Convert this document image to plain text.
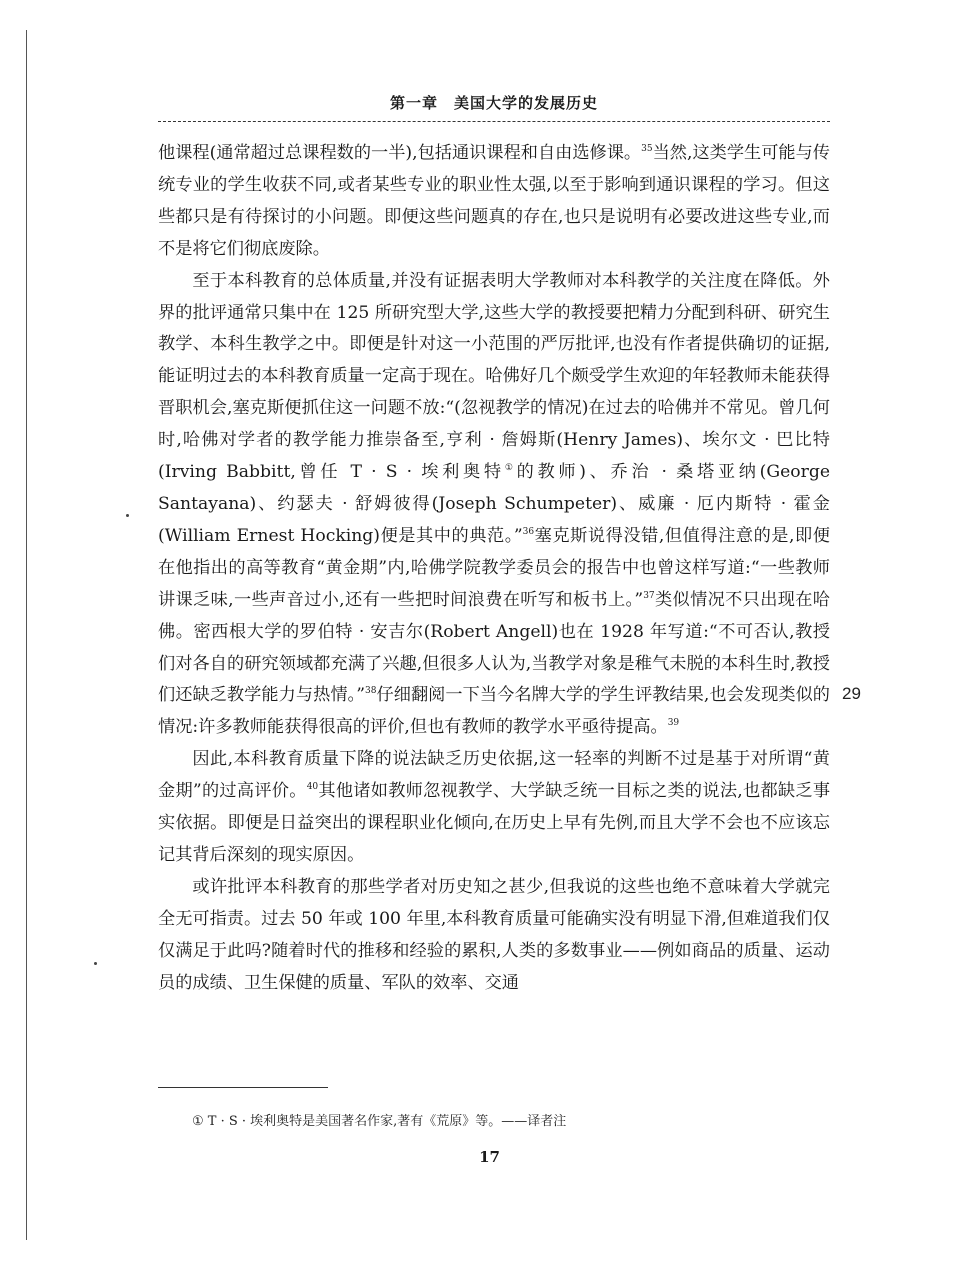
第一章　美国大学的发展历史

他课程(通常超过总课程数的一半),包括通识课程和自由选修课。$^{35}$当然,这类学生可能与传统专业的学生收获不同,或者某些专业的职业性太强,以至于影响到通识课程的学习。但这些都只是有待探讨的小问题。即便这些问题真的存在,也只是说明有必要改进这些专业,而不是将它们彻底废除。

至于本科教育的总体质量,并没有证据表明大学教师对本科教学的关注度在降低。外界的批评通常只集中在 125 所研究型大学,这些大学的教授要把精力分配到科研、研究生教学、本科生教学之中。即便是针对这一小范围的严厉批评,也没有作者提供确切的证据,能证明过去的本科教育质量一定高于现在。哈佛好几个颇受学生欢迎的年轻教师未能获得晋职机会,塞克斯便抓住这一问题不放:“(忽视教学的情况)在过去的哈佛并不常见。曾几何时,哈佛对学者的教学能力推崇备至,亨利 · 詹姆斯(Henry James)、埃尔文 · 巴比特(Irving Babbitt,曾任 T · S · 埃利奥特①的教师)、乔治 · 桑塔亚纳(George Santayana)、约瑟夫 · 舒姆彼得(Joseph Schumpeter)、威廉 · 厄内斯特 · 霍金(William Ernest Hocking)便是其中的典范。”$^{36}$塞克斯说得没错,但值得注意的是,即便在他指出的高等教育“黄金期”内,哈佛学院教学委员会的报告中也曾这样写道:“一些教师讲课乏味,一些声音过小,还有一些把时间浪费在听写和板书上。”$^{37}$类似情况不只出现在哈佛。密西根大学的罗伯特 · 安吉尔(Robert Angell)也在 1928 年写道:“不可否认,教授们对各自的研究领域都充满了兴趣,但很多人认为,当教学对象是稚气未脱的本科生时,教授们还缺乏教学能力与热情。”$^{38}$仔细翻阅一下当今名牌大学的学生评教结果,也会发现类似的情况:许多教师能获得很高的评价,但也有教师的教学水平亟待提高。$^{39}$

因此,本科教育质量下降的说法缺乏历史依据,这一轻率的判断不过是基于对所谓“黄金期”的过高评价。$^{40}$其他诸如教师忽视教学、大学缺乏统一目标之类的说法,也都缺乏事实依据。即便是日益突出的课程职业化倾向,在历史上早有先例,而且大学不会也不应该忘记其背后深刻的现实原因。

或许批评本科教育的那些学者对历史知之甚少,但我说的这些也绝不意味着大学就完全无可指责。过去 50 年或 100 年里,本科教育质量可能确实没有明显下滑,但难道我们仅仅满足于此吗?随着时代的推移和经验的累积,人类的多数事业——例如商品的质量、运动员的成绩、卫生保健的质量、军队的效率、交通

29
① T · S · 埃利奥特是美国著名作家,著有《荒原》等。——译者注
17
